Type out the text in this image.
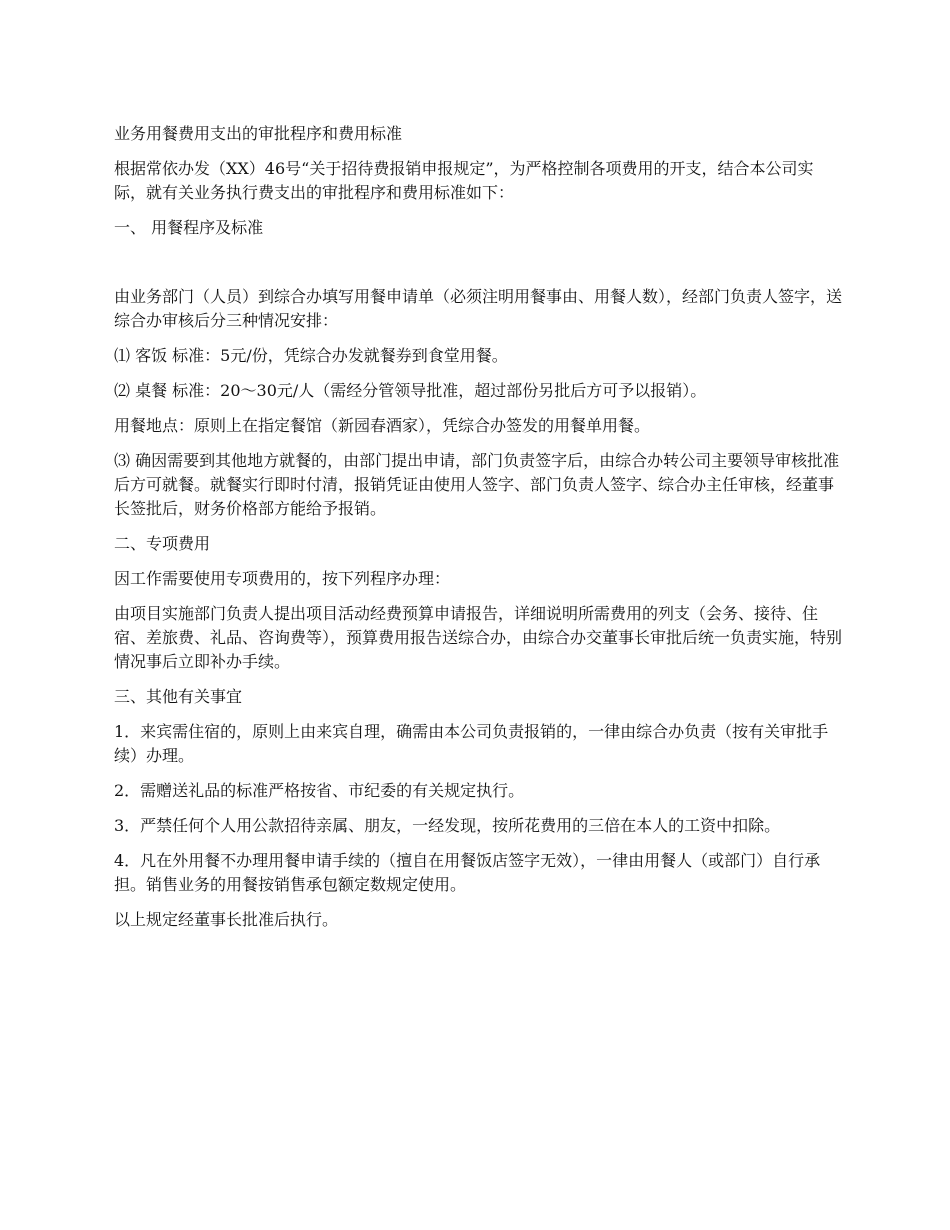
业务用餐费用支出的审批程序和费用标准

根据常依办发（XX）46号“关于招待费报销申报规定”，为严格控制各项费用的开支，结合本公司实际，就有关业务执行费支出的审批程序和费用标准如下：

一、 用餐程序及标准

由业务部门（人员）到综合办填写用餐申请单（必须注明用餐事由、用餐人数），经部门负责人签字，送综合办审核后分三种情况安排：

⑴ 客饭 标准：5元/份，凭综合办发就餐券到食堂用餐。

⑵ 桌餐 标准：20～30元/人（需经分管领导批准，超过部份另批后方可予以报销）。

用餐地点：原则上在指定餐馆（新园春酒家），凭综合办签发的用餐单用餐。

⑶ 确因需要到其他地方就餐的，由部门提出申请，部门负责签字后，由综合办转公司主要领导审核批准后方可就餐。就餐实行即时付清，报销凭证由使用人签字、部门负责人签字、综合办主任审核，经董事长签批后，财务价格部方能给予报销。

二、专项费用

因工作需要使用专项费用的，按下列程序办理：

由项目实施部门负责人提出项目活动经费预算申请报告，详细说明所需费用的列支（会务、接待、住宿、差旅费、礼品、咨询费等），预算费用报告送综合办，由综合办交董事长审批后统一负责实施，特别情况事后立即补办手续。

三、其他有关事宜

1．来宾需住宿的，原则上由来宾自理，确需由本公司负责报销的，一律由综合办负责（按有关审批手续）办理。

2．需赠送礼品的标准严格按省、市纪委的有关规定执行。

3．严禁任何个人用公款招待亲属、朋友，一经发现，按所花费用的三倍在本人的工资中扣除。

4．凡在外用餐不办理用餐申请手续的（擅自在用餐饭店签字无效），一律由用餐人（或部门）自行承担。销售业务的用餐按销售承包额定数规定使用。

以上规定经董事长批准后执行。
